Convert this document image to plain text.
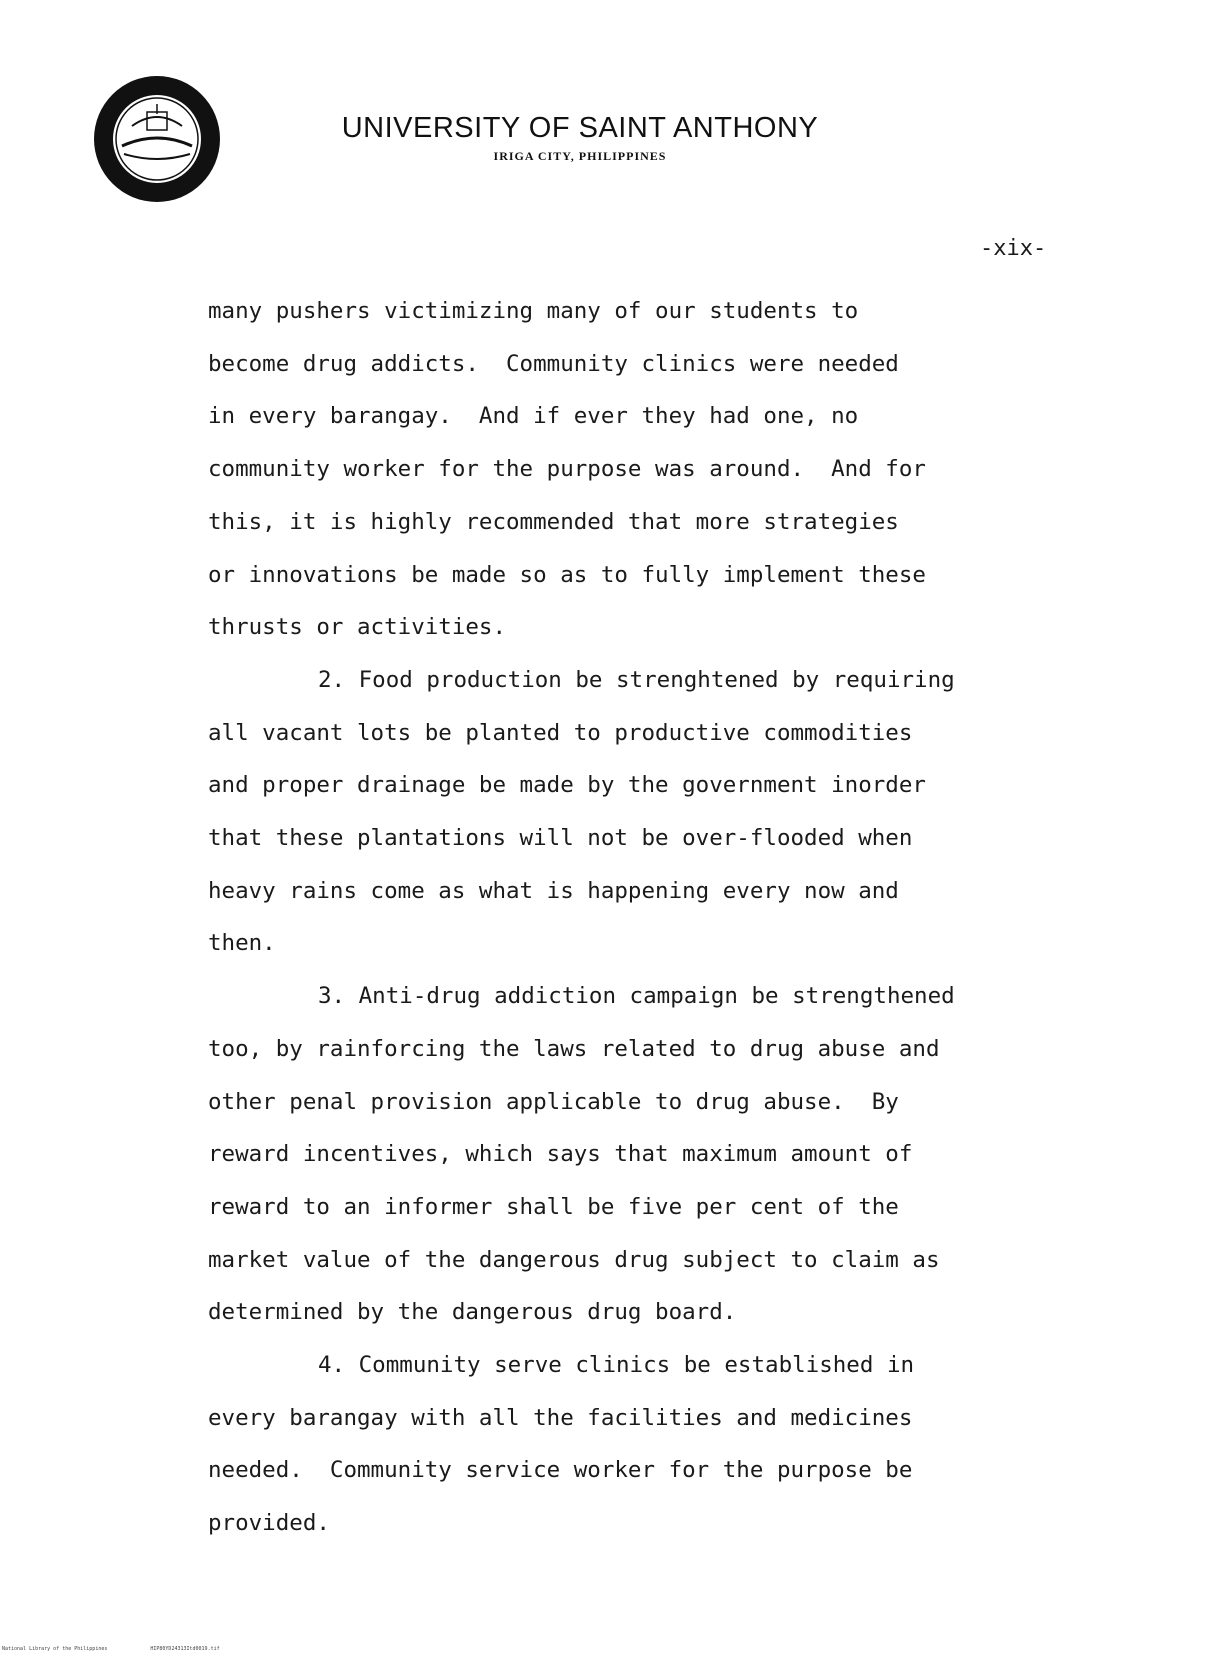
UNIVERSITY OF SAINT ANTHONY
IRIGA CITY, PHILIPPINES
-xix-

many pushers victimizing many of our students to
become drug addicts.  Community clinics were needed
in every barangay.  And if ever they had one, no
community worker for the purpose was around.  And for
this, it is highly recommended that more strategies
or innovations be made so as to fully implement these
thrusts or activities.

2. Food production be strenghtened by requiring
all vacant lots be planted to productive commodities
and proper drainage be made by the government inorder
that these plantations will not be over-flooded when
heavy rains come as what is happening every now and
then.

3. Anti-drug addiction campaign be strengthened
too, by rainforcing the laws related to drug abuse and
other penal provision applicable to drug abuse.  By
reward incentives, which says that maximum amount of
reward to an informer shall be five per cent of the
market value of the dangerous drug subject to claim as
determined by the dangerous drug board.

4. Community serve clinics be established in
every barangay with all the facilities and medicines
needed.  Community service worker for the purpose be
provided.

National Library of the Philippines	HIP80YD24313Itd0019.tif
